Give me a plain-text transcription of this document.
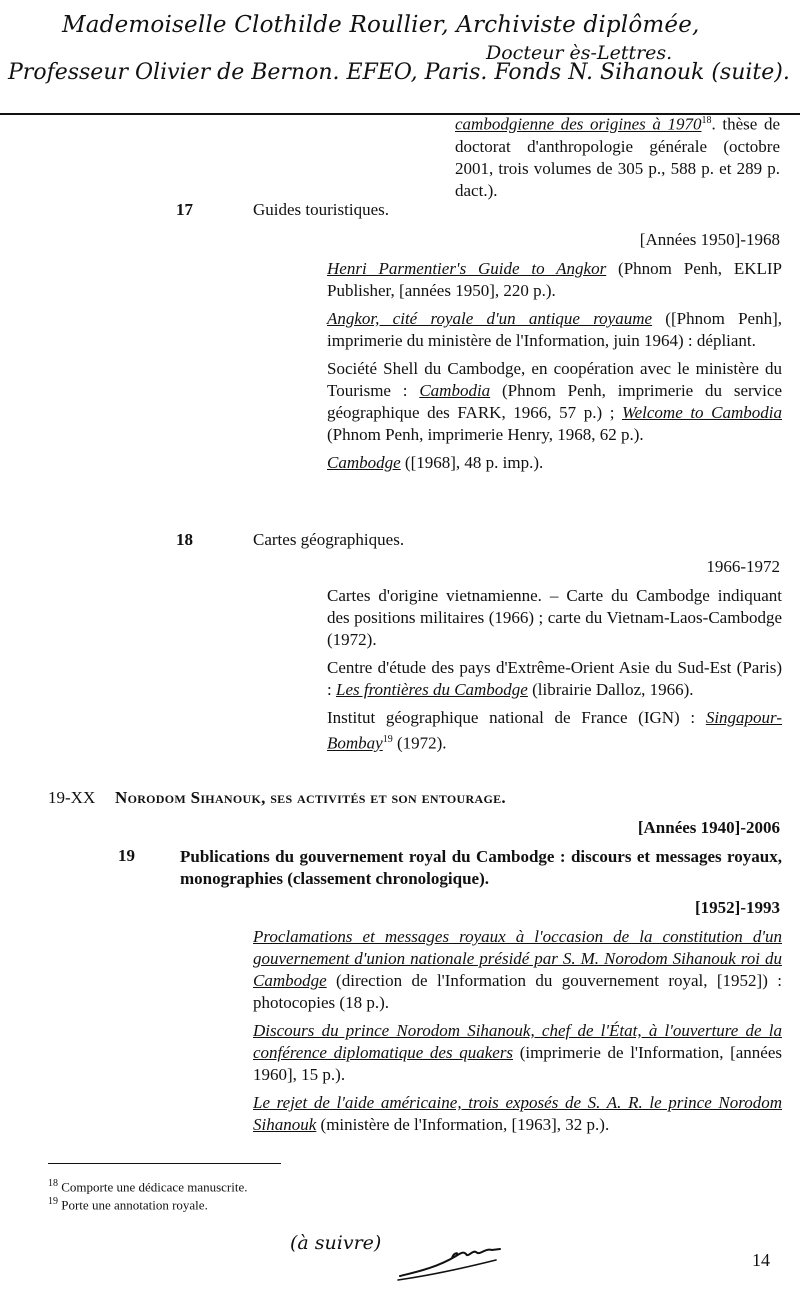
Mademoiselle Clothilde Roullier, Archiviste diplômée,
Docteur ès-Lettres.
Professeur Olivier de Bernon. EFEO, Paris. Fonds N. Sihanouk (suite).
cambodgienne des origines à 1970$^{18}$. thèse de doctorat d'anthropologie générale (octobre 2001, trois volumes de 305 p., 588 p. et 289 p. dact.).
17	Guides touristiques.
[Années 1950]-1968

Henri Parmentier's Guide to Angkor (Phnom Penh, EKLIP Publisher, [années 1950], 220 p.).

Angkor, cité royale d'un antique royaume ([Phnom Penh], imprimerie du ministère de l'Information, juin 1964) : dépliant.

Société Shell du Cambodge, en coopération avec le ministère du Tourisme : Cambodia (Phnom Penh, imprimerie du service géographique des FARK, 1966, 57 p.) ; Welcome to Cambodia (Phnom Penh, imprimerie Henry, 1968, 62 p.).

Cambodge ([1968], 48 p. imp.).

18	Cartes géographiques.
1966-1972

Cartes d'origine vietnamienne. – Carte du Cambodge indiquant des positions militaires (1966) ; carte du Vietnam-Laos-Cambodge (1972).

Centre d'étude des pays d'Extrême-Orient Asie du Sud-Est (Paris) : Les frontières du Cambodge (librairie Dalloz, 1966).

Institut géographique national de France (IGN) : Singapour-Bombay$^{19}$ (1972).

19-XX Norodom Sihanouk, ses activités et son entourage.
[Années 1940]-2006
19	Publications du gouvernement royal du Cambodge : discours et messages royaux, monographies (classement chronologique).
[1952]-1993

Proclamations et messages royaux à l'occasion de la constitution d'un gouvernement d'union nationale présidé par S. M. Norodom Sihanouk roi du Cambodge (direction de l'Information du gouvernement royal, [1952]) : photocopies (18 p.).

Discours du prince Norodom Sihanouk, chef de l'État, à l'ouverture de la conférence diplomatique des quakers (imprimerie de l'Information, [années 1960], 15 p.).

Le rejet de l'aide américaine, trois exposés de S. A. R. le prince Norodom Sihanouk (ministère de l'Information, [1963], 32 p.).

$^{18}$ Comporte une dédicace manuscrite.
$^{19}$ Porte une annotation royale.
(à suivre)
14
